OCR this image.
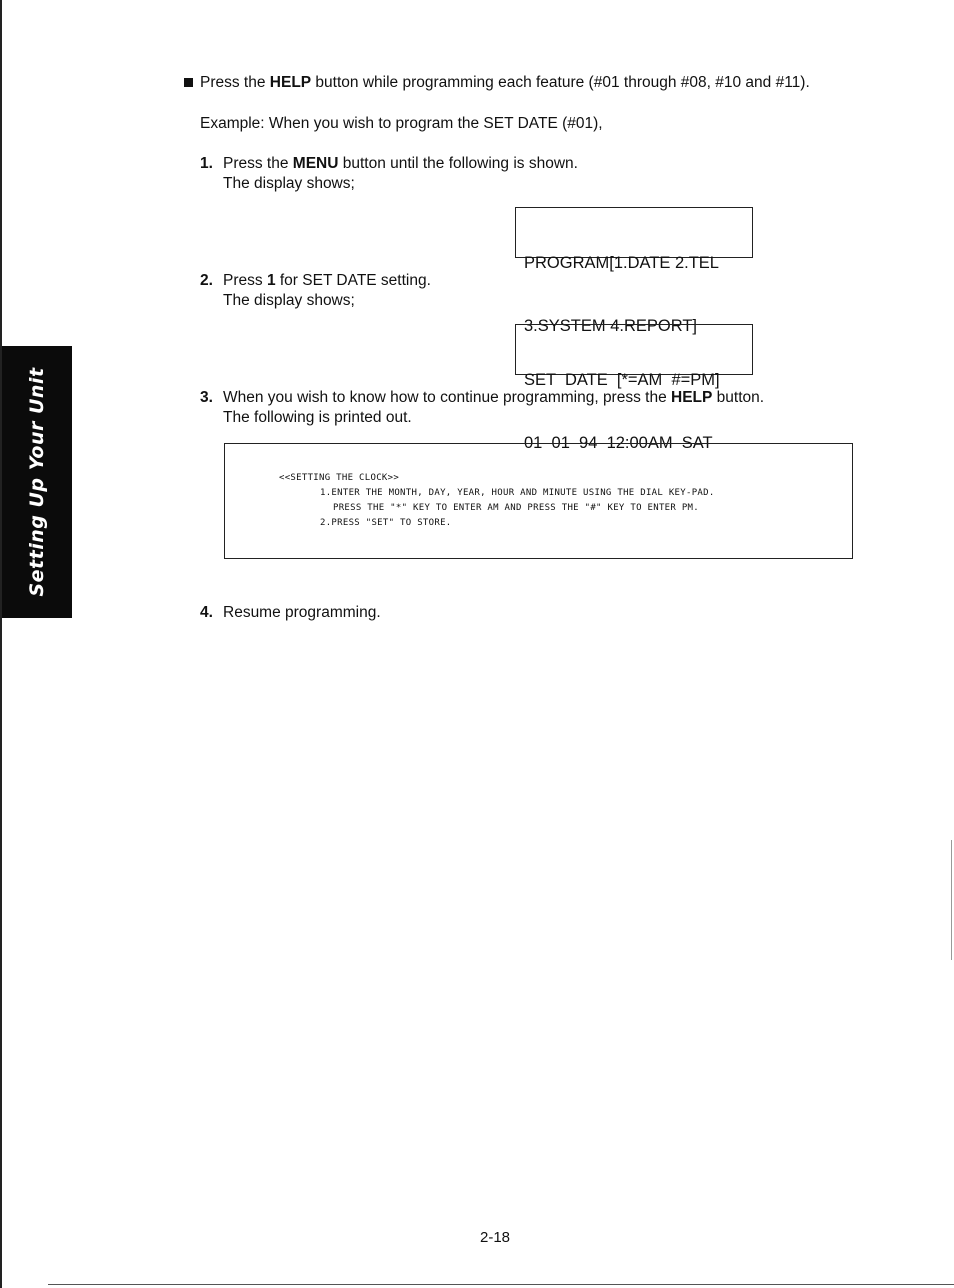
Setting Up Your Unit
Press the HELP button while programming each feature (#01 through #08, #10 and #11).
Example: When you wish to program the SET DATE (#01),
1. Press the MENU button until the following is shown.
The display shows;

PROGRAM[1.DATE 2.TEL

3.SYSTEM 4.REPORT]

2. Press 1 for SET DATE setting.
The display shows;

SET  DATE  [*=AM  #=PM]

01  01  94  12:00AM  SAT

3. When you wish to know how to continue programming, press the HELP button.
The following is printed out.
<<SETTING THE CLOCK>>
1.ENTER THE MONTH, DAY, YEAR, HOUR AND MINUTE USING THE DIAL KEY-PAD.
PRESS THE "*" KEY TO ENTER AM AND PRESS THE "#" KEY TO ENTER PM.
2.PRESS "SET" TO STORE.
4. Resume programming.
2-18
